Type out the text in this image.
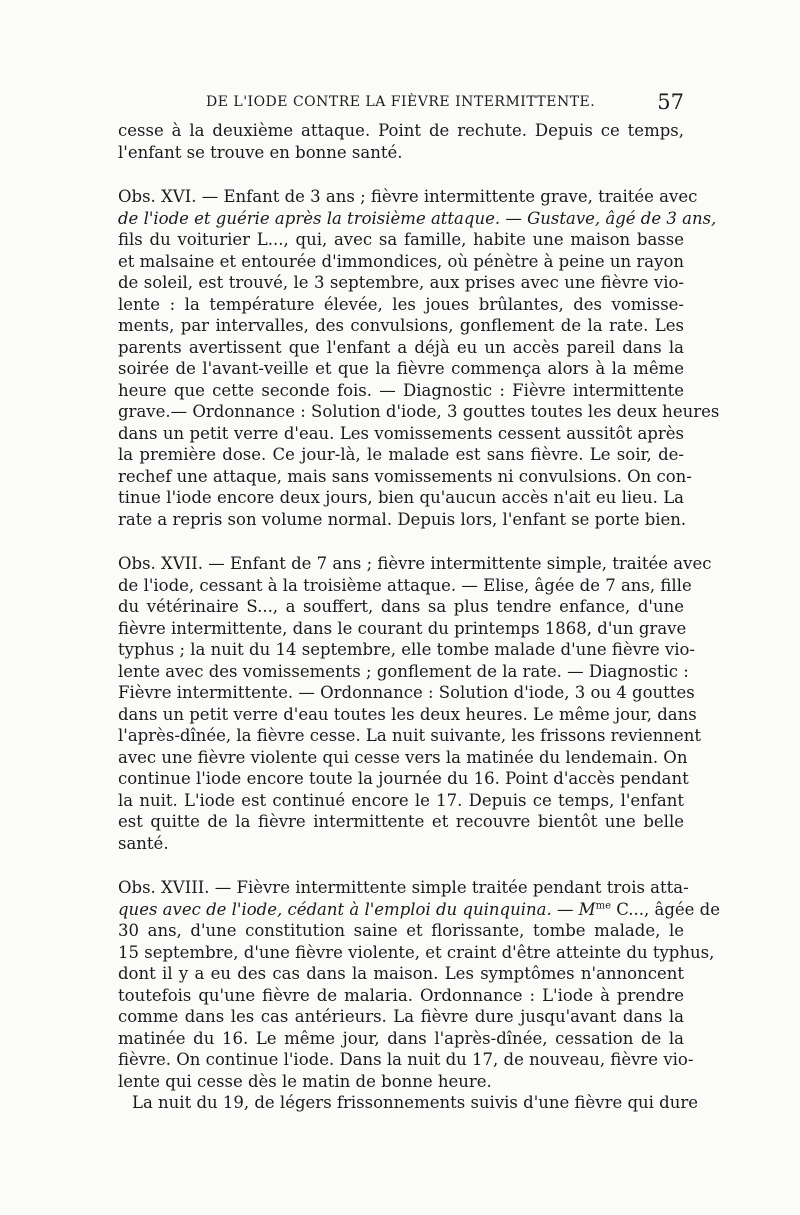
DE L'IODE CONTRE LA FIÈVRE INTERMITTENTE.	57
cesse à la deuxième attaque. Point de rechute. Depuis ce temps,
l'enfant se trouve en bonne santé.
Obs. XVI. — Enfant de 3 ans ; fièvre intermittente grave, traitée avec
de l'iode et guérie après la troisième attaque. — Gustave, âgé de 3 ans,
fils du voiturier L..., qui, avec sa famille, habite une maison basse
et malsaine et entourée d'immondices, où pénètre à peine un rayon
de soleil, est trouvé, le 3 septembre, aux prises avec une fièvre vio-
lente : la température élevée, les joues brûlantes, des vomisse-
ments, par intervalles, des convulsions, gonflement de la rate. Les
parents avertissent que l'enfant a déjà eu un accès pareil dans la
soirée de l'avant-veille et que la fièvre commença alors à la même
heure que cette seconde fois. — Diagnostic : Fièvre intermittente
grave.— Ordonnance : Solution d'iode, 3 gouttes toutes les deux heures
dans un petit verre d'eau. Les vomissements cessent aussitôt après
la première dose. Ce jour-là, le malade est sans fièvre. Le soir, de-
rechef une attaque, mais sans vomissements ni convulsions. On con-
tinue l'iode encore deux jours, bien qu'aucun accès n'ait eu lieu. La
rate a repris son volume normal. Depuis lors, l'enfant se porte bien.
Obs. XVII. — Enfant de 7 ans ; fièvre intermittente simple, traitée avec
de l'iode, cessant à la troisième attaque. — Elise, âgée de 7 ans, fille
du vétérinaire S..., a souffert, dans sa plus tendre enfance, d'une
fièvre intermittente, dans le courant du printemps 1868, d'un grave
typhus ; la nuit du 14 septembre, elle tombe malade d'une fièvre vio-
lente avec des vomissements ; gonflement de la rate. — Diagnostic :
Fièvre intermittente. — Ordonnance : Solution d'iode, 3 ou 4 gouttes
dans un petit verre d'eau toutes les deux heures. Le même jour, dans
l'après-dînée, la fièvre cesse. La nuit suivante, les frissons reviennent
avec une fièvre violente qui cesse vers la matinée du lendemain. On
continue l'iode encore toute la journée du 16. Point d'accès pendant
la nuit. L'iode est continué encore le 17. Depuis ce temps, l'enfant
est quitte de la fièvre intermittente et recouvre bientôt une belle
santé.
Obs. XVIII. — Fièvre intermittente simple traitée pendant trois atta-
ques avec de l'iode, cédant à l'emploi du quinquina. — $M^{me}$ C..., âgée de
30 ans, d'une constitution saine et florissante, tombe malade, le
15 septembre, d'une fièvre violente, et craint d'être atteinte du typhus,
dont il y a eu des cas dans la maison. Les symptômes n'annoncent
toutefois qu'une fièvre de malaria. Ordonnance : L'iode à prendre
comme dans les cas antérieurs. La fièvre dure jusqu'avant dans la
matinée du 16. Le même jour, dans l'après-dînée, cessation de la
fièvre. On continue l'iode. Dans la nuit du 17, de nouveau, fièvre vio-
lente qui cesse dès le matin de bonne heure.
La nuit du 19, de légers frissonnements suivis d'une fièvre qui dure
